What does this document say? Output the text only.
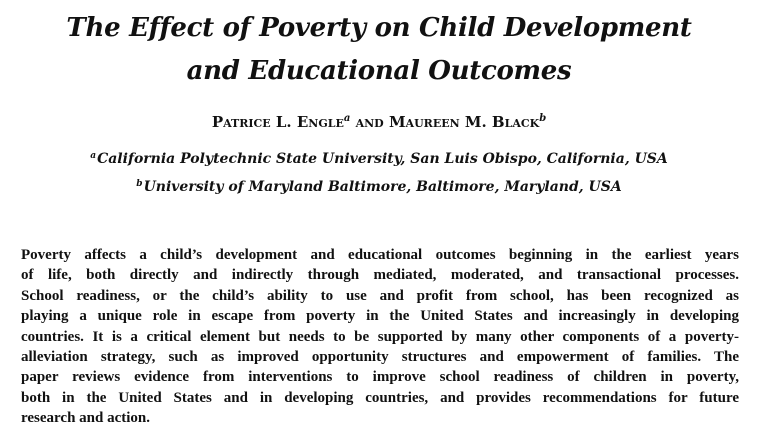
The Effect of Poverty on Child Development
and Educational Outcomes
Patrice L. Engle$^a$ and Maureen M. Black$^b$
$^a$California Polytechnic State University, San Luis Obispo, California, USA
$^b$University of Maryland Baltimore, Baltimore, Maryland, USA
Poverty affects a child’s development and educational outcomes beginning in the earliest years
of life, both directly and indirectly through mediated, moderated, and transactional processes.
School readiness, or the child’s ability to use and profit from school, has been recognized as
playing a unique role in escape from poverty in the United States and increasingly in developing
countries. It is a critical element but needs to be supported by many other components of a poverty-
alleviation strategy, such as improved opportunity structures and empowerment of families. The
paper reviews evidence from interventions to improve school readiness of children in poverty,
both in the United States and in developing countries, and provides recommendations for future
research and action.
